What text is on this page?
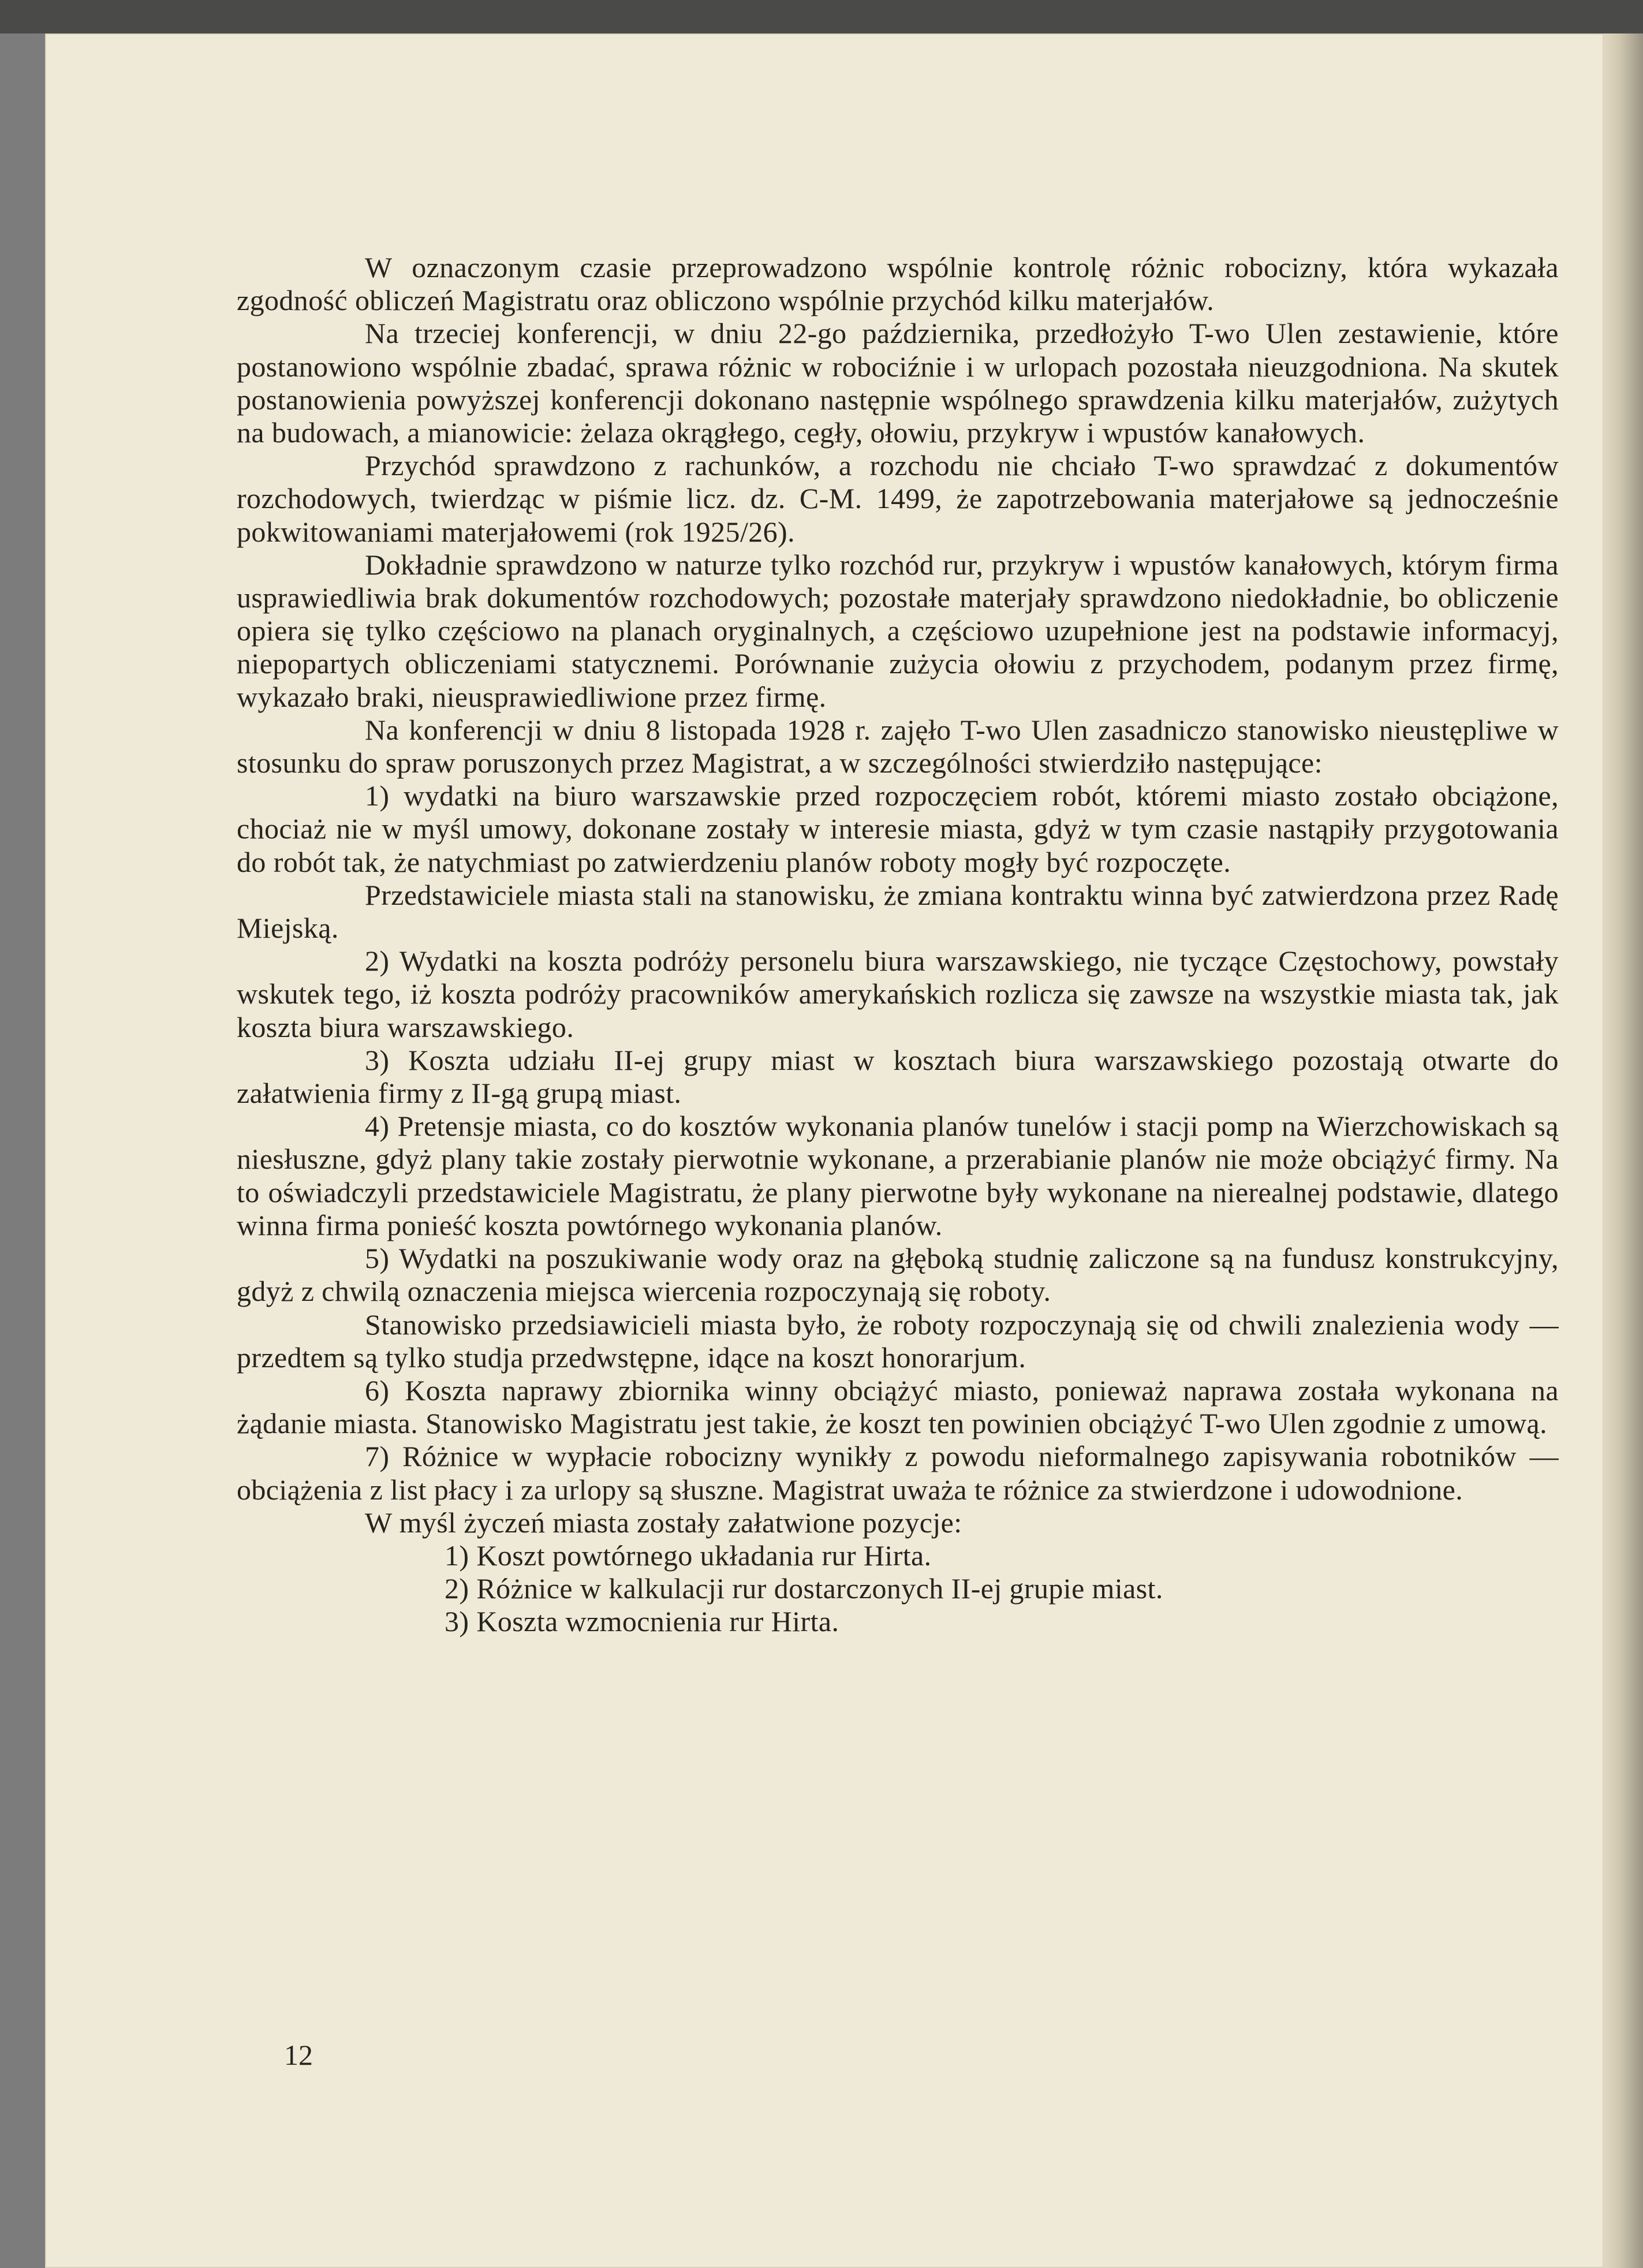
W oznaczonym czasie przeprowadzono wspólnie kontrolę różnic robocizny, która wykazała zgodność obliczeń Magistratu oraz obliczono wspólnie przychód kilku materjałów.

Na trzeciej konferencji, w dniu 22-go października, przedłożyło T-wo Ulen zestawienie, które postanowiono wspólnie zbadać, sprawa różnic w robociźnie i w urlopach pozostała nieuzgodniona. Na skutek postanowienia powyższej konferencji dokonano następnie wspólnego sprawdzenia kilku materjałów, zużytych na budowach, a mianowicie: żelaza okrągłego, cegły, ołowiu, przykryw i wpustów kanałowych.

Przychód sprawdzono z rachunków, a rozchodu nie chciało T-wo sprawdzać z dokumentów rozchodowych, twierdząc w piśmie licz. dz. C-M. 1499, że zapotrzebowania materjałowe są jednocześnie pokwitowaniami materjałowemi (rok 1925/26).

Dokładnie sprawdzono w naturze tylko rozchód rur, przykryw i wpustów kanałowych, którym firma usprawiedliwia brak dokumentów rozchodowych; pozostałe materjały sprawdzono niedokładnie, bo obliczenie opiera się tylko częściowo na planach oryginalnych, a częściowo uzupełnione jest na podstawie informacyj, niepopartych obliczeniami statycznemi. Porównanie zużycia ołowiu z przychodem, podanym przez firmę, wykazało braki, nieusprawiedliwione przez firmę.

Na konferencji w dniu 8 listopada 1928 r. zajęło T-wo Ulen zasadniczo stanowisko nieustępliwe w stosunku do spraw poruszonych przez Magistrat, a w szczególności stwierdziło następujące:

1) wydatki na biuro warszawskie przed rozpoczęciem robót, któremi miasto zostało obciążone, chociaż nie w myśl umowy, dokonane zostały w interesie miasta, gdyż w tym czasie nastąpiły przygotowania do robót tak, że natychmiast po zatwierdzeniu planów roboty mogły być rozpoczęte.

Przedstawiciele miasta stali na stanowisku, że zmiana kontraktu winna być zatwierdzona przez Radę Miejską.

2) Wydatki na koszta podróży personelu biura warszawskiego, nie tyczące Częstochowy, powstały wskutek tego, iż koszta podróży pracowników amerykańskich rozlicza się zawsze na wszystkie miasta tak, jak koszta biura warszawskiego.

3) Koszta udziału II-ej grupy miast w kosztach biura warszawskiego pozostają otwarte do załatwienia firmy z II-gą grupą miast.

4) Pretensje miasta, co do kosztów wykonania planów tunelów i stacji pomp na Wierzchowiskach są niesłuszne, gdyż plany takie zostały pierwotnie wykonane, a przerabianie planów nie może obciążyć firmy. Na to oświadczyli przedstawiciele Magistratu, że plany pierwotne były wykonane na nierealnej podstawie, dlatego winna firma ponieść koszta powtórnego wykonania planów.

5) Wydatki na poszukiwanie wody oraz na głęboką studnię zaliczone są na fundusz konstrukcyjny, gdyż z chwilą oznaczenia miejsca wiercenia rozpoczynają się roboty.

Stanowisko przedsiawicieli miasta było, że roboty rozpoczynają się od chwili znalezienia wody — przedtem są tylko studja przedwstępne, idące na koszt honorarjum.

6) Koszta naprawy zbiornika winny obciążyć miasto, ponieważ naprawa została wykonana na żądanie miasta. Stanowisko Magistratu jest takie, że koszt ten powinien obciążyć T-wo Ulen zgodnie z umową.

7) Różnice w wypłacie robocizny wynikły z powodu nieformalnego zapisywania robotników — obciążenia z list płacy i za urlopy są słuszne. Magistrat uważa te różnice za stwierdzone i udowodnione.

W myśl życzeń miasta zostały załatwione pozycje:

1) Koszt powtórnego układania rur Hirta.
2) Różnice w kalkulacji rur dostarczonych II-ej grupie miast.
3) Koszta wzmocnienia rur Hirta.
12
